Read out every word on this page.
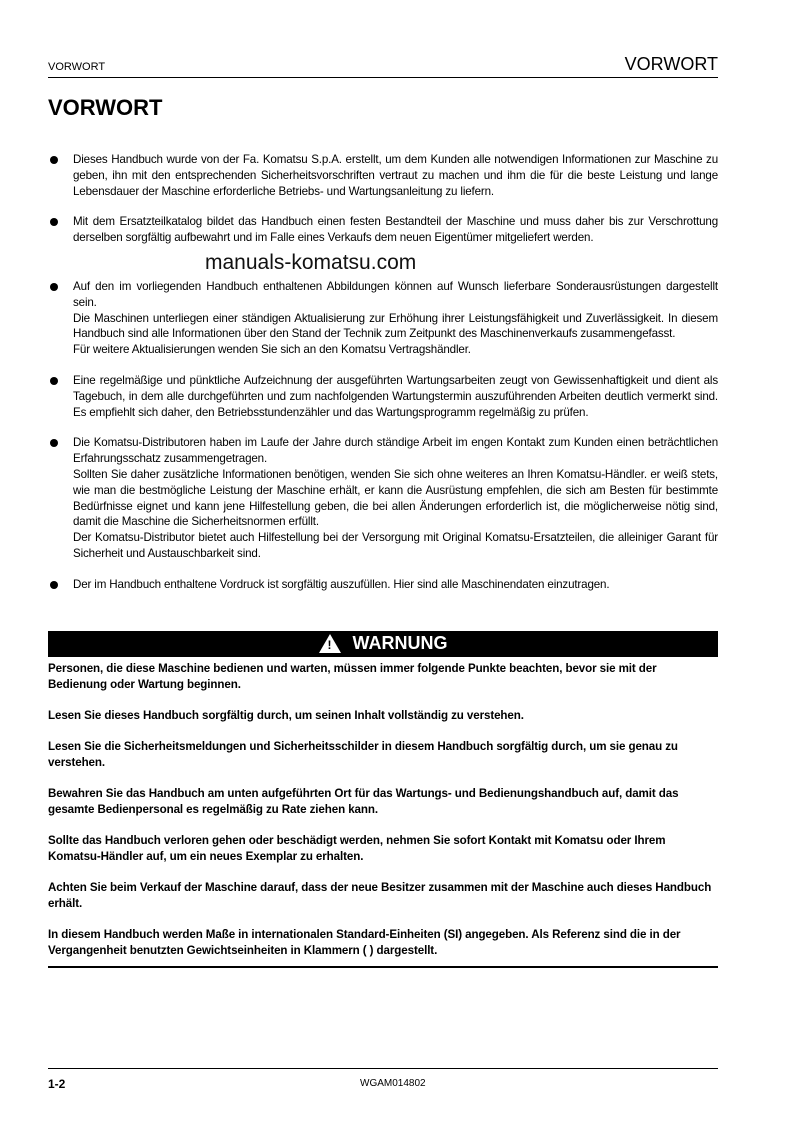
VORWORT	VORWORT
VORWORT

Dieses Handbuch wurde von der Fa. Komatsu S.p.A. erstellt, um dem Kunden alle notwendigen Informationen zur Maschine zu geben, ihn mit den entsprechenden Sicherheitsvorschriften vertraut zu machen und ihm die für die beste Leistung und lange Lebensdauer der Maschine erforderliche Betriebs- und Wartungsanleitung zu liefern.

Mit dem Ersatzteilkatalog bildet das Handbuch einen festen Bestandteil der Maschine und muss daher bis zur Verschrottung derselben sorgfältig aufbewahrt und im Falle eines Verkaufs dem neuen Eigentümer mitgeliefert werden.

manuals-komatsu.com

Auf den im vorliegenden Handbuch enthaltenen Abbildungen können auf Wunsch lieferbare Sonderausrüstungen dargestellt sein.

Die Maschinen unterliegen einer ständigen Aktualisierung zur Erhöhung ihrer Leistungsfähigkeit und Zuverlässigkeit. In diesem Handbuch sind alle Informationen über den Stand der Technik zum Zeitpunkt des Maschinenverkaufs zusammengefasst.

Für weitere Aktualisierungen wenden Sie sich an den Komatsu Vertragshändler.

Eine regelmäßige und pünktliche Aufzeichnung der ausgeführten Wartungsarbeiten zeugt von Gewissenhaftigkeit und dient als Tagebuch, in dem alle durchgeführten und zum nachfolgenden Wartungstermin auszuführenden Arbeiten deutlich vermerkt sind. Es empfiehlt sich daher, den Betriebsstundenzähler und das Wartungsprogramm regelmäßig zu prüfen.

Die Komatsu-Distributoren haben im Laufe der Jahre durch ständige Arbeit im engen Kontakt zum Kunden einen beträchtlichen Erfahrungsschatz zusammengetragen.

Sollten Sie daher zusätzliche Informationen benötigen, wenden Sie sich ohne weiteres an Ihren Komatsu-Händler. er weiß stets, wie man die bestmögliche Leistung der Maschine erhält, er kann die Ausrüstung empfehlen, die sich am Besten für bestimmte Bedürfnisse eignet und kann jene Hilfestellung geben, die bei allen Änderungen erforderlich ist, die möglicherweise nötig sind, damit die Maschine die Sicherheitsnormen erfüllt.

Der Komatsu-Distributor bietet auch Hilfestellung bei der Versorgung mit Original Komatsu-Ersatzteilen, die alleiniger Garant für Sicherheit und Austauschbarkeit sind.

Der im Handbuch enthaltene Vordruck ist sorgfältig auszufüllen. Hier sind alle Maschinendaten einzutragen.

! WARNUNG

Personen, die diese Maschine bedienen und warten, müssen immer folgende Punkte beachten, bevor sie mit der Bedienung oder Wartung beginnen.

Lesen Sie dieses Handbuch sorgfältig durch, um seinen Inhalt vollständig zu verstehen.

Lesen Sie die Sicherheitsmeldungen und Sicherheitsschilder in diesem Handbuch sorgfältig durch, um sie genau zu verstehen.

Bewahren Sie das Handbuch am unten aufgeführten Ort für das Wartungs- und Bedienungshandbuch auf, damit das gesamte Bedienpersonal es regelmäßig zu Rate ziehen kann.

Sollte das Handbuch verloren gehen oder beschädigt werden, nehmen Sie sofort Kontakt mit Komatsu oder Ihrem Komatsu-Händler auf, um ein neues Exemplar zu erhalten.

Achten Sie beim Verkauf der Maschine darauf, dass der neue Besitzer zusammen mit der Maschine auch dieses Handbuch erhält.

In diesem Handbuch werden Maße in internationalen Standard-Einheiten (SI) angegeben. Als Referenz sind die in der Vergangenheit benutzten Gewichtseinheiten in Klammern ( ) dargestellt.

1-2	WGAM014802
